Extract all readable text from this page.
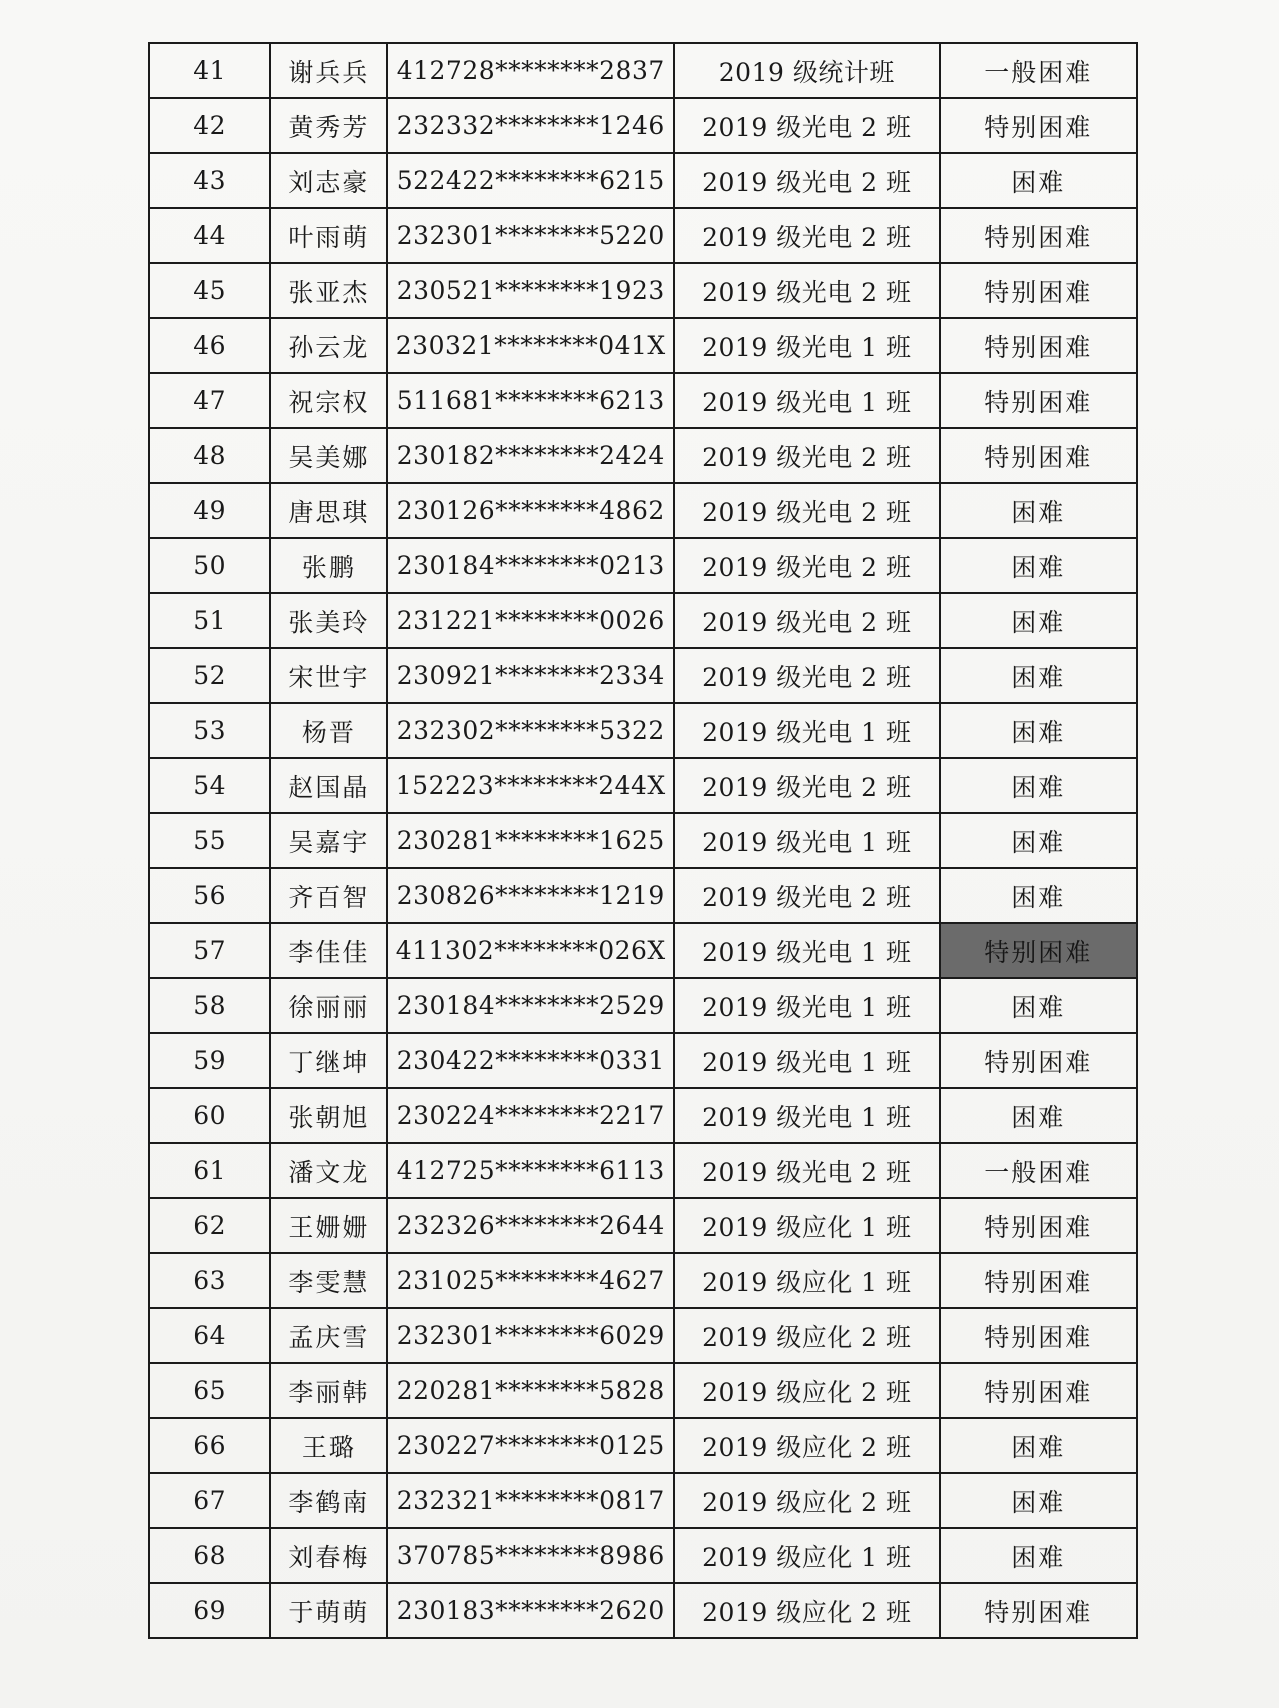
41	谢兵兵	412728********2837	2019 级统计班	一般困难
42	黄秀芳	232332********1246	2019 级光电 2 班	特别困难
43	刘志豪	522422********6215	2019 级光电 2 班	困难
44	叶雨萌	232301********5220	2019 级光电 2 班	特别困难
45	张亚杰	230521********1923	2019 级光电 2 班	特别困难
46	孙云龙	230321********041X	2019 级光电 1 班	特别困难
47	祝宗权	511681********6213	2019 级光电 1 班	特别困难
48	吴美娜	230182********2424	2019 级光电 2 班	特别困难
49	唐思琪	230126********4862	2019 级光电 2 班	困难
50	张鹏	230184********0213	2019 级光电 2 班	困难
51	张美玲	231221********0026	2019 级光电 2 班	困难
52	宋世宇	230921********2334	2019 级光电 2 班	困难
53	杨晋	232302********5322	2019 级光电 1 班	困难
54	赵国晶	152223********244X	2019 级光电 2 班	困难
55	吴嘉宇	230281********1625	2019 级光电 1 班	困难
56	齐百智	230826********1219	2019 级光电 2 班	困难
57	李佳佳	411302********026X	2019 级光电 1 班	特别困难
58	徐丽丽	230184********2529	2019 级光电 1 班	困难
59	丁继坤	230422********0331	2019 级光电 1 班	特别困难
60	张朝旭	230224********2217	2019 级光电 1 班	困难
61	潘文龙	412725********6113	2019 级光电 2 班	一般困难
62	王姗姗	232326********2644	2019 级应化 1 班	特别困难
63	李雯慧	231025********4627	2019 级应化 1 班	特别困难
64	孟庆雪	232301********6029	2019 级应化 2 班	特别困难
65	李丽韩	220281********5828	2019 级应化 2 班	特别困难
66	王璐	230227********0125	2019 级应化 2 班	困难
67	李鹤南	232321********0817	2019 级应化 2 班	困难
68	刘春梅	370785********8986	2019 级应化 1 班	困难
69	于萌萌	230183********2620	2019 级应化 2 班	特别困难
